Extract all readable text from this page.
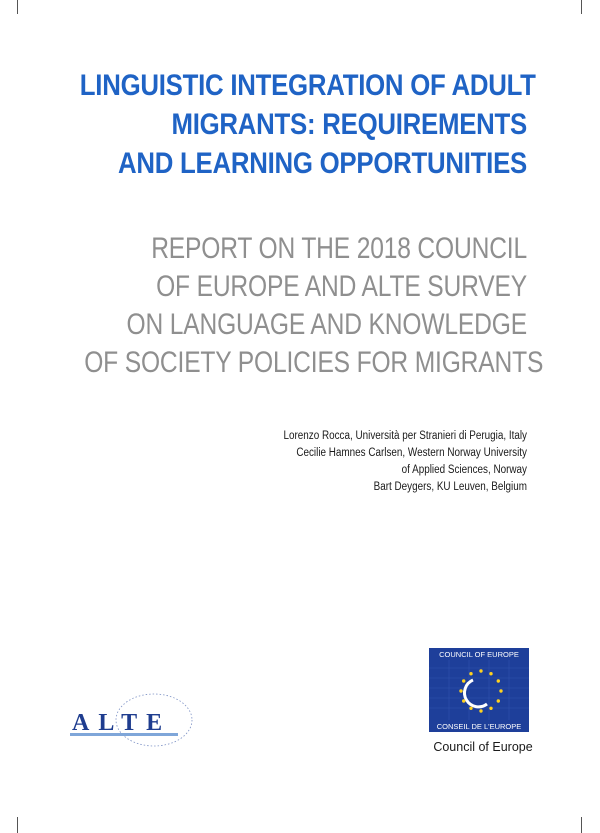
LINGUISTIC INTEGRATION OF ADULT
MIGRANTS: REQUIREMENTS
AND LEARNING OPPORTUNITIES
REPORT ON THE 2018 COUNCIL
OF EUROPE AND ALTE SURVEY
ON LANGUAGE AND KNOWLEDGE
OF SOCIETY POLICIES FOR MIGRANTS
Lorenzo Rocca, Università per Stranieri di Perugia, Italy
Cecilie Hamnes Carlsen, Western Norway University
of Applied Sciences, Norway
Bart Deygers, KU Leuven, Belgium
ALTE
COUNCIL OF EUROPE
CONSEIL DE L'EUROPE
Council of Europe
